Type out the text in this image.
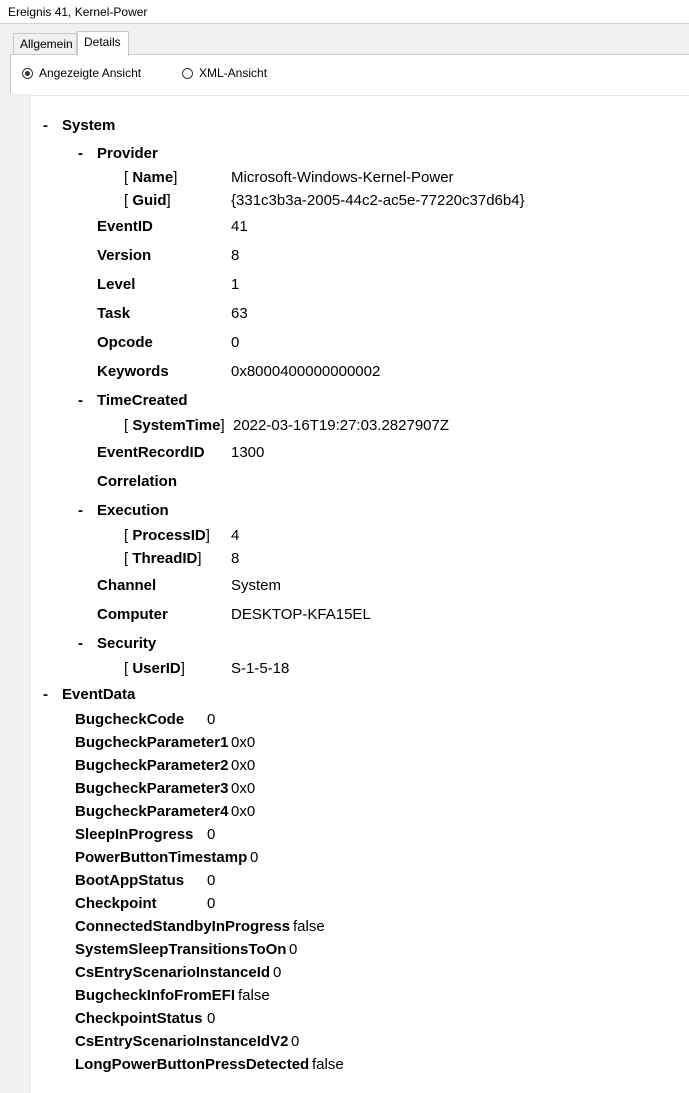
Ereignis 41, Kernel-Power
Allgemein Details
Angezeigte Ansicht	XML-Ansicht
- System
- Provider
[ Name]	Microsoft-Windows-Kernel-Power
[ Guid]	{331c3b3a-2005-44c2-ac5e-77220c37d6b4}
EventID	41
Version	8
Level	1
Task	63
Opcode	0
Keywords	0x8000400000000002
- TimeCreated
[ SystemTime] 2022-03-16T19:27:03.2827907Z
EventRecordID 1300
Correlation
- Execution
[ ProcessID] 4
[ ThreadID] 8
Channel	System
Computer	DESKTOP-KFA15EL
- Security
[ UserID]	S-1-5-18
- EventData
BugcheckCode 0
BugcheckParameter1 0x0
BugcheckParameter2 0x0
BugcheckParameter3 0x0
BugcheckParameter4 0x0
SleepInProgress 0
PowerButtonTimestamp 0
BootAppStatus 0
Checkpoint	0
ConnectedStandbyInProgress false
SystemSleepTransitionsToOn 0
CsEntryScenarioInstanceId 0
BugcheckInfoFromEFI false
CheckpointStatus 0
CsEntryScenarioInstanceIdV2 0
LongPowerButtonPressDetected false
